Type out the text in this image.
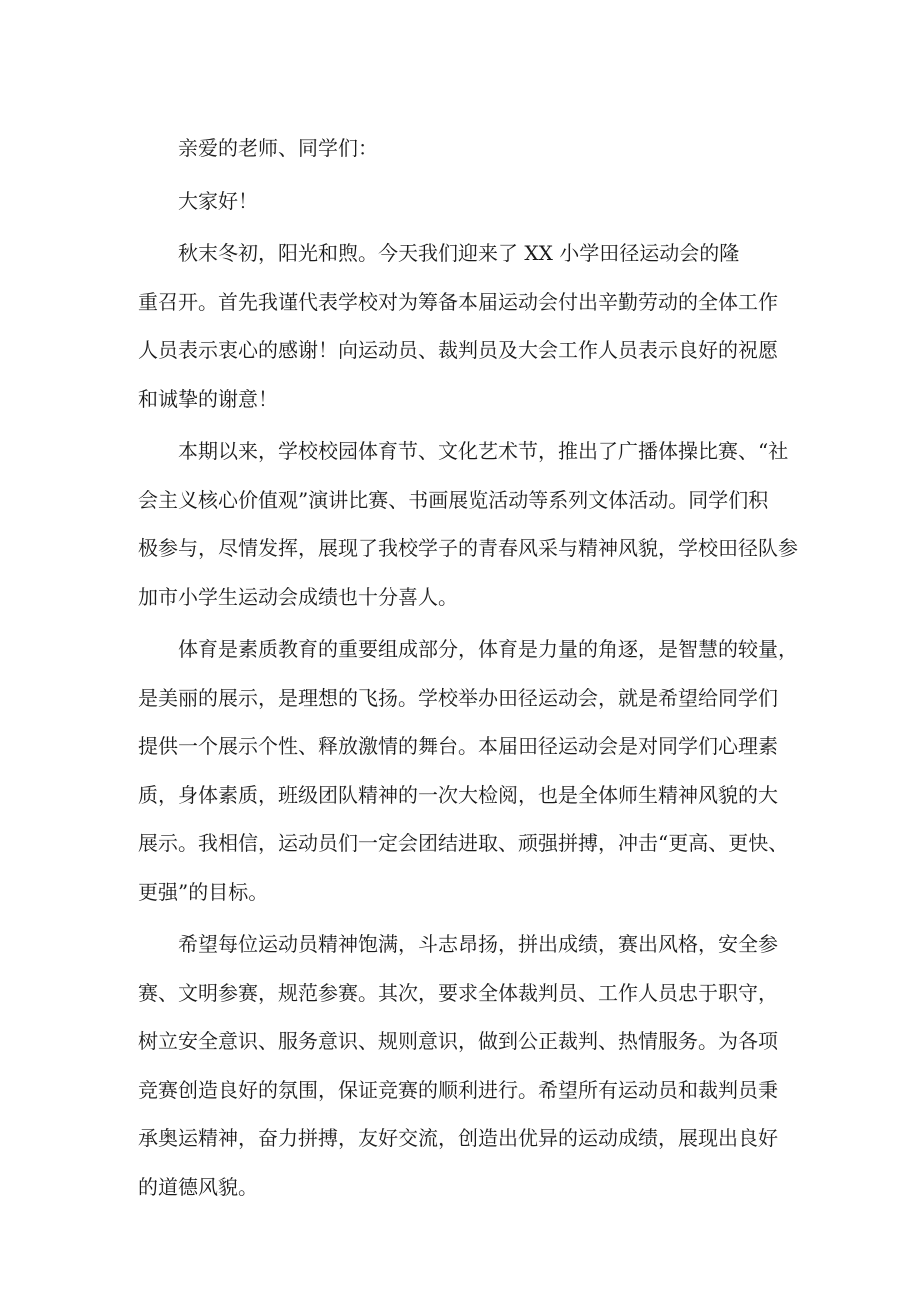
亲爱的老师、同学们：

大家好！

秋末冬初，阳光和煦。今天我们迎来了 XX 小学田径运动会的隆
重召开。首先我谨代表学校对为筹备本届运动会付出辛勤劳动的全体工作
人员表示衷心的感谢！向运动员、裁判员及大会工作人员表示良好的祝愿
和诚挚的谢意！

本期以来，学校校园体育节、文化艺术节，推出了广播体操比赛、“社
会主义核心价值观”演讲比赛、书画展览活动等系列文体活动。同学们积
极参与，尽情发挥，展现了我校学子的青春风采与精神风貌，学校田径队参
加市小学生运动会成绩也十分喜人。

体育是素质教育的重要组成部分，体育是力量的角逐，是智慧的较量，
是美丽的展示，是理想的飞扬。学校举办田径运动会，就是希望给同学们
提供一个展示个性、释放激情的舞台。本届田径运动会是对同学们心理素
质，身体素质，班级团队精神的一次大检阅，也是全体师生精神风貌的大
展示。我相信，运动员们一定会团结进取、顽强拼搏，冲击“更高、更快、
更强”的目标。

希望每位运动员精神饱满，斗志昂扬，拼出成绩，赛出风格，安全参
赛、文明参赛，规范参赛。其次，要求全体裁判员、工作人员忠于职守，
树立安全意识、服务意识、规则意识，做到公正裁判、热情服务。为各项
竞赛创造良好的氛围，保证竞赛的顺利进行。希望所有运动员和裁判员秉
承奥运精神，奋力拼搏，友好交流，创造出优异的运动成绩，展现出良好
的道德风貌。
